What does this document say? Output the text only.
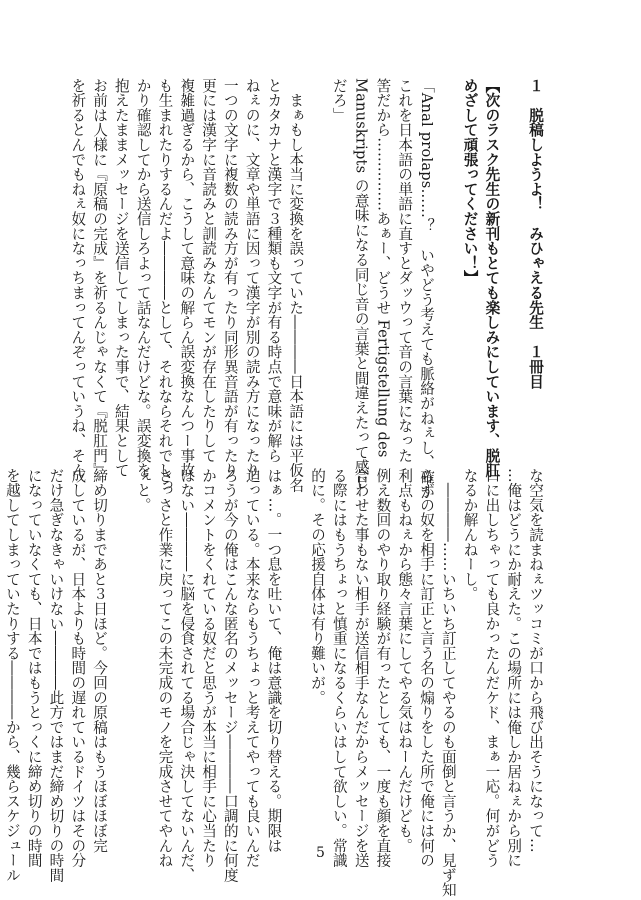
１　脱稿しようよ！　みひゃえる先生　１冊目

【次のラスク先生の新刊もとても楽しみにしています、脱肛

めざして頑張ってください！】

「Anal prolaps……？　いやどう考えても脈絡がねぇし、確か

これを日本語の単語に直すとダッウって音の言葉になった

筈だから……………あぁー、どうせ Fertigstellung des

Manuskripts の意味になる同じ音の言葉と間違えたって感じ

だろ」

　まぁもし本当に変換を誤っていた――――日本語には平仮名

とカタカナと漢字で３種類も文字が有る時点で意味が解ら

ねぇのに、文章や単語に因って漢字が別の読み方になったり

一つの文字に複数の読み方が有ったり同形異音語が有ったり

更には漢字に音読みと訓読みなんてモンが存在したりして

複雑過ぎるから、こうして意味の解らん誤変換なんつー事故

も生まれたりするんだよ――――として、それならそれでしっ

かり確認してから送信しろよって話なんだけどな。誤変換を

抱えたままメッセージを送信してしまった事で、結果として

お前は人様に『原稿の完成』を祈るんじゃなくて『脱肛門』

を祈るとんでもねぇ奴になっちまってんぞっていうね、そん

な空気を読まねぇツッコミが口から飛び出そうになって…

…俺はどうにか耐えた。この場所には俺しか居ねぇから別に

口に出しちゃっても良かったんだケド、まぁ一応。何がどう

なるか解んねーし。

　――――……いちいち訂正してやるのも面倒と言うか、見ず知

らずの奴を相手に訂正と言う名の煽りをした所で俺には何の

利点もねぇから態々言葉にしてやる気はねーんだけども。

例え数回のやり取り経験が有ったとしても、一度も顔を直接

合わせた事もない相手が送信相手なんだからメッセージを送

る際にはもうちょっと慎重になるくらいはして欲しい。常識

的に。その応援自体は有り難いが。

はぁ…。一つ息を吐いて、俺は意識を切り替える。期限は

迫っている。本来ならもうちょっと考えてやっても良いんだ

ろうが今の俺はこんな匿名のメッセージ――――口調的に何度

かコメントをくれている奴だと思うが本当に相手に心当たり

はない――――に脳を侵食されてる場合じゃ決してないんだ、

さっさと作業に戻ってこの未完成のモノを完成させてやんね

ぇと。

締め切りまであと３日ほど。今回の原稿はもうほぼほぼ完

成しているが、日本よりも時間の遅れているドイツはその分

だけ急ぎなきゃいけない――――此方ではまだ締め切りの時間

になっていなくても、日本ではもうとっくに締め切りの時間

を越してしまっていたりする――――から、幾らスケジュール	5
